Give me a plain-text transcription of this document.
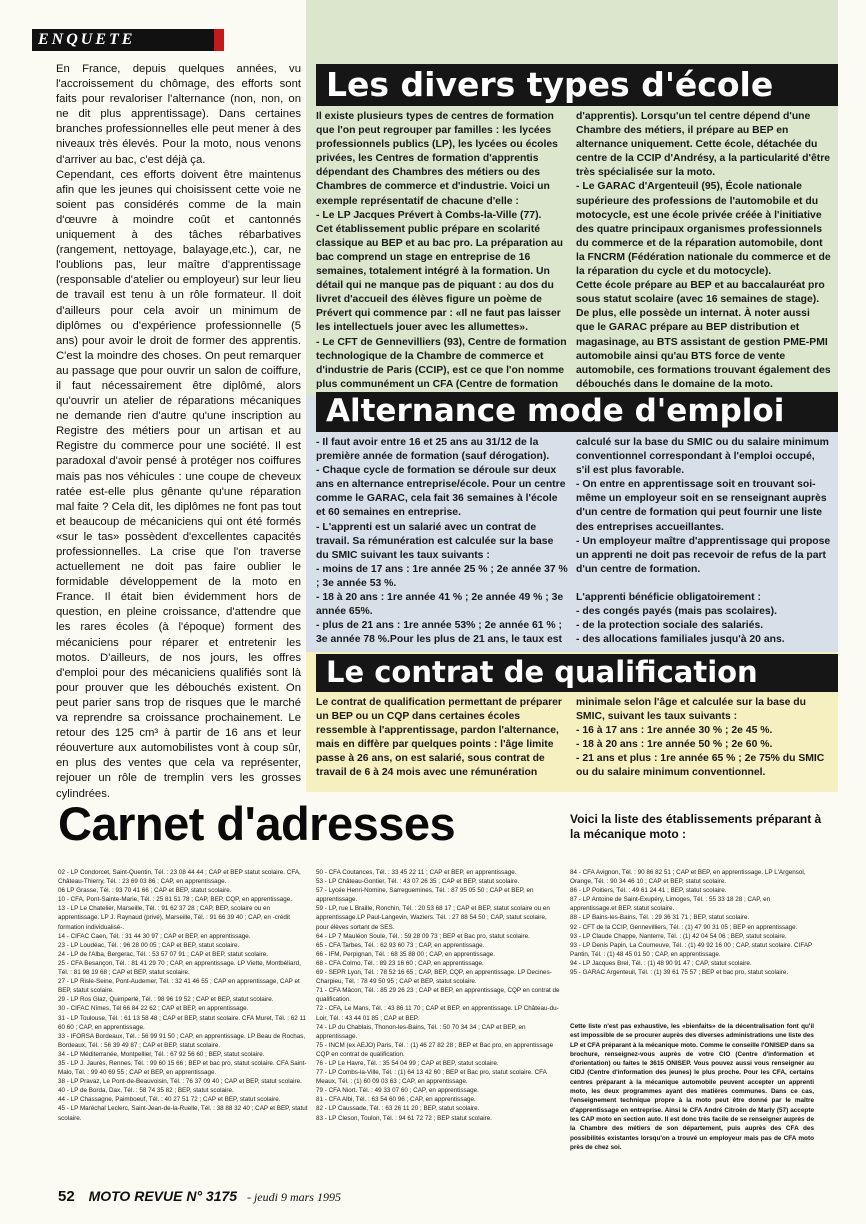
ENQUETE

En France, depuis quelques années, vu l'accroissement du chômage, des efforts sont faits pour revaloriser l'alternance (non, non, on ne dit plus apprentissage). Dans certaines branches professionnelles elle peut mener à des niveaux très élevés. Pour la moto, nous venons d'arriver au bac, c'est déjà ça.

Cependant, ces efforts doivent être maintenus afin que les jeunes qui choisissent cette voie ne soient pas considérés comme de la main d'œuvre à moindre coût et cantonnés uniquement à des tâches rébarbatives (rangement, nettoyage, balayage,etc.), car, ne l'oublions pas, leur maître d'apprentissage (responsable d'atelier ou employeur) sur leur lieu de travail est tenu à un rôle formateur. Il doit d'ailleurs pour cela avoir un minimum de diplômes ou d'expérience professionnelle (5 ans) pour avoir le droit de former des apprentis. C'est la moindre des choses. On peut remarquer au passage que pour ouvrir un salon de coiffure, il faut nécessairement être diplômé, alors qu'ouvrir un atelier de réparations mécaniques ne demande rien d'autre qu'une inscription au Registre des métiers pour un artisan et au Registre du commerce pour une société. Il est paradoxal d'avoir pensé à protéger nos coiffures mais pas nos véhicules : une coupe de cheveux ratée est-elle plus gênante qu'une réparation mal faite ? Cela dit, les diplômes ne font pas tout et beaucoup de mécaniciens qui ont été formés «sur le tas» possèdent d'excellentes capacités professionnelles. La crise que l'on traverse actuellement ne doit pas faire oublier le formidable développement de la moto en France. Il était bien évidemment hors de question, en pleine croissance, d'attendre que les rares écoles (à l'époque) forment des mécaniciens pour réparer et entretenir les motos. D'ailleurs, de nos jours, les offres d'emploi pour des mécaniciens qualifiés sont là pour prouver que les débouchés existent. On peut parier sans trop de risques que le marché va reprendre sa croissance prochainement. Le retour des 125 cm³ à partir de 16 ans et leur réouverture aux automobilistes vont à coup sûr, en plus des ventes que cela va représenter, rejouer un rôle de tremplin vers les grosses cylindrées.

Les divers types d'école

Il existe plusieurs types de centres de formation que l'on peut regrouper par familles : les lycées professionnels publics (LP), les lycées ou écoles privées, les Centres de formation d'apprentis dépendant des Chambres des métiers ou des Chambres de commerce et d'industrie. Voici un exemple représentatif de chacune d'elle :

- Le LP Jacques Prévert à Combs-la-Ville (77).

Cet établissement public prépare en scolarité classique au BEP et au bac pro. La préparation au bac comprend un stage en entreprise de 16 semaines, totalement intégré à la formation. Un détail qui ne manque pas de piquant : au dos du livret d'accueil des élèves figure un poème de Prévert qui commence par : «Il ne faut pas laisser les intellectuels jouer avec les allumettes».

- Le CFT de Gennevilliers (93), Centre de formation technologique de la Chambre de commerce et d'industrie de Paris (CCIP), est ce que l'on nomme plus communément un CFA (Centre de formation

d'apprentis). Lorsqu'un tel centre dépend d'une Chambre des métiers, il prépare au BEP en alternance uniquement. Cette école, détachée du centre de la CCIP d'Andrésy, a la particularité d'être très spécialisée sur la moto.

- Le GARAC d'Argenteuil (95), École nationale supérieure des professions de l'automobile et du motocycle, est une école privée créée à l'initiative des quatre principaux organismes professionnels du commerce et de la réparation automobile, dont la FNCRM (Fédération nationale du commerce et de la réparation du cycle et du motocycle).

Cette école prépare au BEP et au baccalauréat pro sous statut scolaire (avec 16 semaines de stage). De plus, elle possède un internat. À noter aussi que le GARAC prépare au BEP distribution et magasinage, au BTS assistant de gestion PME-PMI automobile ainsi qu'au BTS force de vente automobile, ces formations trouvant également des débouchés dans le domaine de la moto.

Alternance mode d'emploi

- Il faut avoir entre 16 et 25 ans au 31/12 de la première année de formation (sauf dérogation).

- Chaque cycle de formation se déroule sur deux ans en alternance entreprise/école. Pour un centre comme le GARAC, cela fait 36 semaines à l'école et 60 semaines en entreprise.

- L'apprenti est un salarié avec un contrat de travail. Sa rémunération est calculée sur la base du SMIC suivant les taux suivants :

- moins de 17 ans : 1re année 25 % ; 2e année 37 % ; 3e année 53 %.

- 18 à 20 ans : 1re année 41 % ; 2e année 49 % ; 3e année 65%.

- plus de 21 ans : 1re année 53% ; 2e année 61 % ; 3e année 78 %.Pour les plus de 21 ans, le taux est

calculé sur la base du SMIC ou du salaire minimum conventionnel correspondant à l'emploi occupé, s'il est plus favorable.

- On entre en apprentissage soit en trouvant soi-même un employeur soit en se renseignant auprès d'un centre de formation qui peut fournir une liste des entreprises accueillantes.

- Un employeur maître d'apprentissage qui propose un apprenti ne doit pas recevoir de refus de la part d'un centre de formation.

L'apprenti bénéficie obligatoirement :

- des congés payés (mais pas scolaires).

- de la protection sociale des salariés.

- des allocations familiales jusqu'à 20 ans.

Le contrat de qualification

Le contrat de qualification permettant de préparer un BEP ou un CQP dans certaines écoles ressemble à l'apprentissage, pardon l'alternance, mais en diffère par quelques points : l'âge limite passe à 26 ans, on est salarié, sous contrat de travail de 6 à 24 mois avec une rémunération

minimale selon l'âge et calculée sur la base du SMIC, suivant les taux suivants :

- 16 à 17 ans : 1re année 30 % ; 2e 45 %.

- 18 à 20 ans : 1re année 50 % ; 2e 60 %.

- 21 ans et plus : 1re année 65 % ; 2e 75% du SMIC ou du salaire minimum conventionnel.

Carnet d'adresses	Voici la liste des établissements préparant à la mécanique moto :

02 - LP Condorcet, Saint-Quentin, Tél. : 23 08 44 44 ; CAP et BEP statut scolaire. CFA, Château-Thierry, Tél. : 23 69 03 86 ; CAP, en apprentissage.

06 LP Grasse, Tél. : 93 70 41 66 ; CAP et BEP, statut scolaire.

10 - CFA, Pont-Sainte-Marie, Tél. : 25 81 51 78 ; CAP, BEP, CQP, en apprentissage.

13 - LP Le Chatelier, Marseille, Tél. : 91 62 37 28 ; CAP, BEP, scolaire ou en apprentissage. LP J. Raynaud (privé), Marseille, Tél. : 91 66 39 40 ; CAP, en -crédit formation individualisé-.

14 - CIFAC Caen, Tél. : 31 44 30 97 ; CAP et BEP, en apprentissage.

23 - LP Loudéac, Tél. : 96 28 00 05 ; CAP et BEP, statut scolaire.

24 - LP de l'Alba, Bergerac, Tél. : 53 57 07 91 ; CAP et BEP, statut scolaire.

25 - CFA Besançon, Tél. : 81 41 29 70 ; CAP, en apprentissage. LP Viette, Montbéliard, Tél. : 81 98 19 68 ; CAP et BEP, statut scolaire.

27 - LP Risle-Seine, Pont-Audemer, Tél. : 32 41 46 55 ; CAP en apprentissage, CAP et BEP, statut scolaire.

29 - LP Ros Glaz, Quimperlé, Tél. : 98 96 19 52 ; CAP et BEP, statut scolaire.

30 - CIFAC Nîmes, Tél 66 84 22 62 ; CAP et BEP, en apprentissage.

31 - LP Toulouse, Tél. : 61 13 58 48 ; CAP et BEP, statut scolaire. CFA Muret, Tél. : 62 11 60 60 ; CAP, en apprentissage.

33 - IFORSA Bordeaux, Tél. : 56 99 91 50 ; CAP, en apprentissage. LP Beau de Rochas, Bordeaux, Tél. : 56 39 49 87 ; CAP et BEP, statut scolaire.

34 - LP Méditerranée, Montpellier, Tél. : 67 92 56 60 ; BEP, statut scolaire.

35 - LP J. Jaurès, Rennes, Tél. : 99 60 15 66 ; BEP et bac pro, statut scolaire. CFA Saint-Malo, Tél. : 99 40 69 55 ; CAP et BEP, en apprentissage.

38 - LP Pravaz, Le Pont-de-Beauvoisin, Tél. : 76 37 09 40 ; CAP et BEP, statut scolaire.

40 - LP de Borda, Dax, Tél. : 58 74 35 82 ; BEP, statut scolaire.

44 - LP Chassagne, Paimboeuf, Tél. : 40 27 51 72 ; CAP et BEP, statut scolaire.

45 - LP Maréchal Leclerc, Saint-Jean-de-la-Ruelle, Tél. : 38 88 32 40 ; CAP et BEP, statut scolaire.

50 - CFA Coutances, Tél. : 33 45 22 11 ; CAP et BEP, en apprentissage.

53 - LP Château-Gontier, Tél. : 43 07 26 35 ; CAP et BEP, statut scolaire.

57 - Lycée Henri-Nomine, Sarreguemines, Tél. : 87 95 05 50 ; CAP et BEP, en apprentissage.

59 - LP, rue L Braille, Ronchin, Tél. : 20 53 68 17 ; CAP et BEP, statut scolaire ou en apprentissage.LP Paul-Langevin, Waziers. Tél. : 27 88 54 50 ; CAP, statut scolaire, pour élèves sortant de SES.

64 - LP 7 Mauléon Soule, Tél. : 59 28 09 73 ; BEP et Bac pro, statut scolaire.

65 - CFA Tarbes, Tél. : 62 93 60 73 ; CAP, en apprentissage.

66 - IFM, Perpignan, Tél. : 68 35 88 00 ; CAP, en apprentissage.

68 - CFA Colmo, Tél. : 89 23 16 60 ; CAP, en apprentissage.

69 - SEPR Lyon, Tél. : 78 52 16 65 ; CAP, BEP, CQP, en apprentissage. LP Decines-Charpieu, Tél. : 78 49 50 95 ; CAP et BEP, statut scolaire.

71 - CFA Mâcon, Tél. : 85 29 26 23 ; CAP et BEP, en apprentissage, CQP en contrat de qualification.

72 - CFA, Le Mans, Tél. : 43 86 11 70 ; CAP et BEP, en apprentissage. LP Château-du-Loir, Tél. : 43 44 01 85 ; CAP et BEP.

74 - LP du Chablais, Thonon-les-Bains, Tél. : 50 70 34 34 ; CAP et BEP, en apprentissage.

75 - INCM (ex AEJO) Paris, Tél. : (1) 46 27 82 28 ; BEP et Bac pro, en apprentissage CQP en contrat de qualification.

76 - LP Le Havre, Tél. : 35 54 04 99 ; CAP et BEP, statut scolaire.

77 - LP Combs-la-Ville, Tél. : (1) 64 13 42 60 ; BEP et Bac pro, statut scolaire. CFA Meaux, Tél. : (1) 60 09 03 63 ; CAP, en apprentissage.

79 - CFA Niort. Tél. : 49 33 07 60 ; CAP, en apprentissage.

81 - CFA Albi, Tél. : 63 54 60 96 ; CAP, en apprentissage.

82 - LP Caussade, Tél. : 63 26 11 20 ; BEP, statut scolaire.

83 - LP Cleson, Toulon, Tél. : 94 61 72 72 ; BEP statut scolaire.

84 - CFA Avignon, Tél. : 90 86 82 51 ; CAP et BEP, en apprentissage. LP L'Argensol, Orange, Tél. : 90 34 46 10 ; CAP et BEP, statut scolaire.

86 - LP Poitiers, Tél. : 49 61 24 41 ; BEP, statut scolaire.

87 - LP Antoine de Saint-Exupéry, Limoges, Tél. : 55 33 18 28 ; CAP, en apprentissage.et BEP, statut scolaire.

88 - LP Bains-les-Bains, Tél. : 29 36 31 71 ; BEP, statut scolaire.

92 - CFT de la CCIP, Gennevilliers, Tél. : (1) 47 90 31 05 ; BEP en apprentissage.

93 - LP Claude Chappe, Nanterre, Tél. : (1) 42 04 54 06 ; BEP, statut scolaire.

93 - LP Denis Papin, La Courneuve, Tél. : (1) 49 92 16 00 ; CAP, statut scolaire. CIFAP Pantin, Tél. : (1) 48 45 01 50 ; CAP, en apprentissage.

94 - LP Jacques Brel, Tél. : (1) 48 90 91 47 ; CAP, statut scolaire.

95 - GARAC Argenteuil, Tél. : (1) 39 61 75 57 ; BEP et bac pro, statut scolaire.

Cette liste n'est pas exhaustive, les «bienfaits» de la décentralisation font qu'il est impossible de se procurer auprès des diverses administrations une liste des LP et CFA préparant à la mécanique moto. Comme le conseille l'ONISEP dans sa brochure, renseignez-vous auprès de votre CIO (Centre d'information et d'orientation) ou faites le 3615 ONISEP. Vous pouvez aussi vous renseigner au CIDJ (Centre d'information des jeunes) le plus proche. Pour les CFA, certains centres préparant à la mécanique automobile peuvent accepter un apprenti moto, les deux programmes ayant des matières communes. Dans ce cas, l'enseignement technique propre à la moto peut être donné par le maître d'apprentissage en entreprise. Ainsi le CFA André Citroën de Marly (57) accepte les CAP moto en section auto. Il est donc très facile de se renseigner auprès de la Chambre des métiers de son département, puis auprès des CFA des possibilités existantes lorsqu'on a trouvé un employeur mais pas de CFA moto près de chez soi.
52 MOTO REVUE N° 3175 - jeudi 9 mars 1995
